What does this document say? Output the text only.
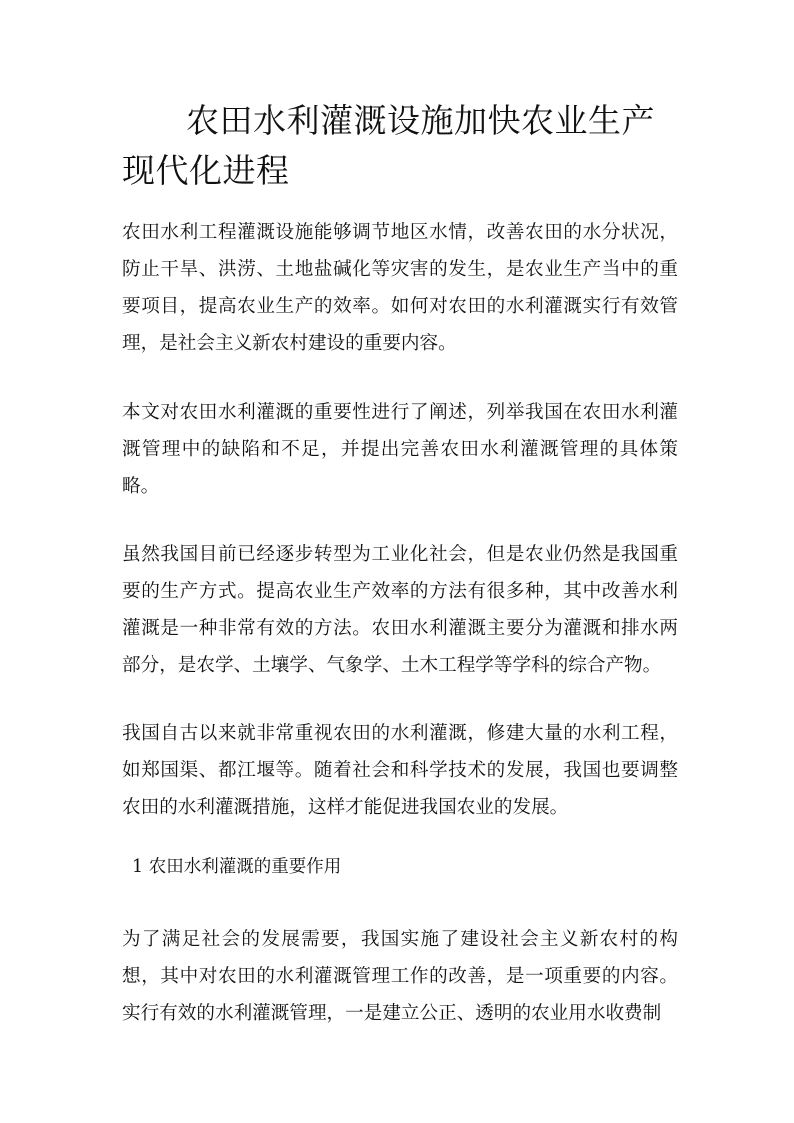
农田水利灌溉设施加快农业生产现代化进程

农田水利工程灌溉设施能够调节地区水情，改善农田的水分状况，防止干旱、洪涝、土地盐碱化等灾害的发生，是农业生产当中的重要项目，提高农业生产的效率。如何对农田的水利灌溉实行有效管理，是社会主义新农村建设的重要内容。

本文对农田水利灌溉的重要性进行了阐述，列举我国在农田水利灌溉管理中的缺陷和不足，并提出完善农田水利灌溉管理的具体策略。

虽然我国目前已经逐步转型为工业化社会，但是农业仍然是我国重要的生产方式。提高农业生产效率的方法有很多种，其中改善水利灌溉是一种非常有效的方法。农田水利灌溉主要分为灌溉和排水两部分，是农学、土壤学、气象学、土木工程学等学科的综合产物。

我国自古以来就非常重视农田的水利灌溉，修建大量的水利工程，如郑国渠、都江堰等。随着社会和科学技术的发展，我国也要调整农田的水利灌溉措施，这样才能促进我国农业的发展。

1 农田水利灌溉的重要作用

为了满足社会的发展需要，我国实施了建设社会主义新农村的构想，其中对农田的水利灌溉管理工作的改善，是一项重要的内容。实行有效的水利灌溉管理，一是建立公正、透明的农业用水收费制
